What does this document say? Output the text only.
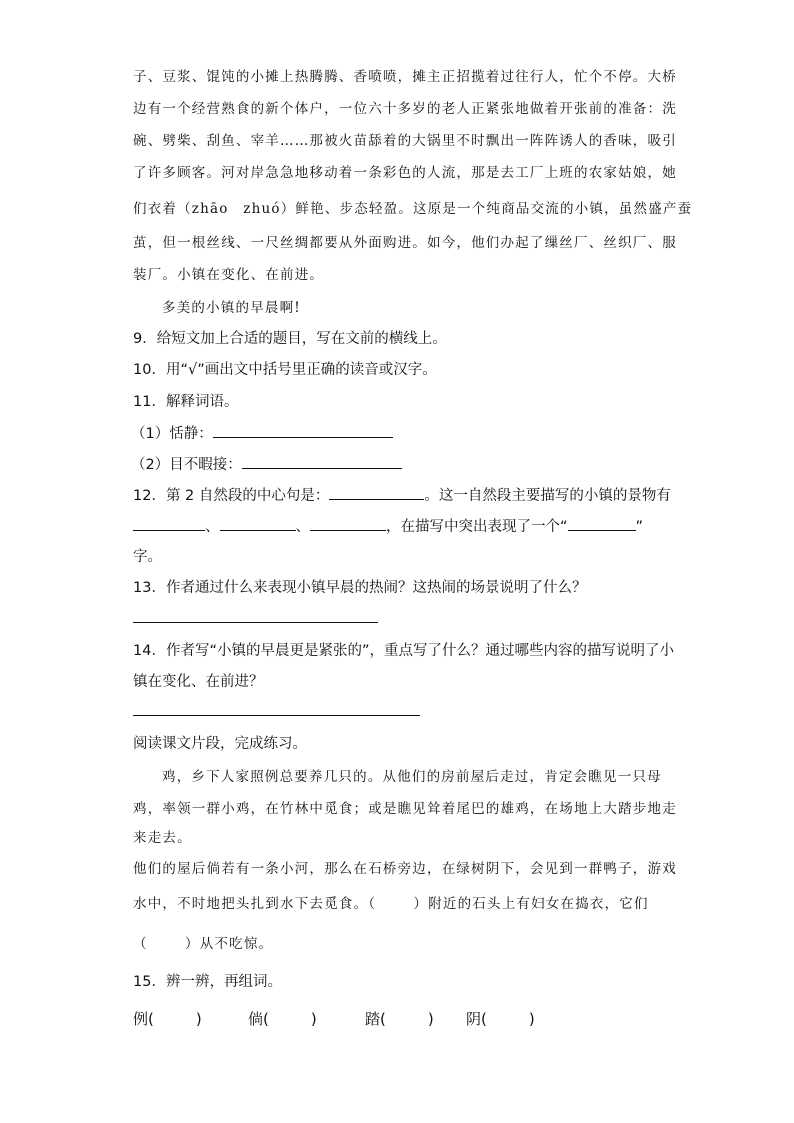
子、豆浆、馄饨的小摊上热腾腾、香喷喷，摊主正招揽着过往行人，忙个不停。大桥
边有一个经营熟食的新个体户，一位六十多岁的老人正紧张地做着开张前的准备：洗
碗、劈柴、刮鱼、宰羊……那被火苗舔着的大锅里不时飘出一阵阵诱人的香味，吸引
了许多顾客。河对岸急急地移动着一条彩色的人流，那是去工厂上班的农家姑娘，她
们衣着（zhāo　zhuó）鲜艳、步态轻盈。这原是一个纯商品交流的小镇，虽然盛产蚕
茧，但一根丝线、一尺丝绸都要从外面购进。如今，他们办起了缫丝厂、丝织厂、服
装厂。小镇在变化、在前进。
多美的小镇的早晨啊!
9．给短文加上合适的题目，写在文前的横线上。
10．用“√”画出文中括号里正确的读音或汉字。
11．解释词语。
（1）恬静：
（2）目不暇接：
12．第 2 自然段的中心句是：	。这一自然段主要描写的小镇的景物有
、	、	，在描写中突出表现了一个“	”
字。
13．作者通过什么来表现小镇早晨的热闹？这热闹的场景说明了什么？
14．作者写“小镇的早晨更是紧张的”，重点写了什么？通过哪些内容的描写说明了小
镇在变化、在前进？
阅读课文片段，完成练习。
鸡，乡下人家照例总要养几只的。从他们的房前屋后走过，肯定会瞧见一只母
鸡，率领一群小鸡，在竹林中觅食；或是瞧见耸着尾巴的雄鸡，在场地上大踏步地走
来走去。
他们的屋后倘若有一条小河，那么在石桥旁边，在绿树阴下，会见到一群鸭子，游戏
水中，不时地把头扎到水下去觅食。（   ）附近的石头上有妇女在捣衣，它们
（   ）从不吃惊。
15．辨一辨，再组词。
例(	)	倘(	)	踏(	) 阴(	)
